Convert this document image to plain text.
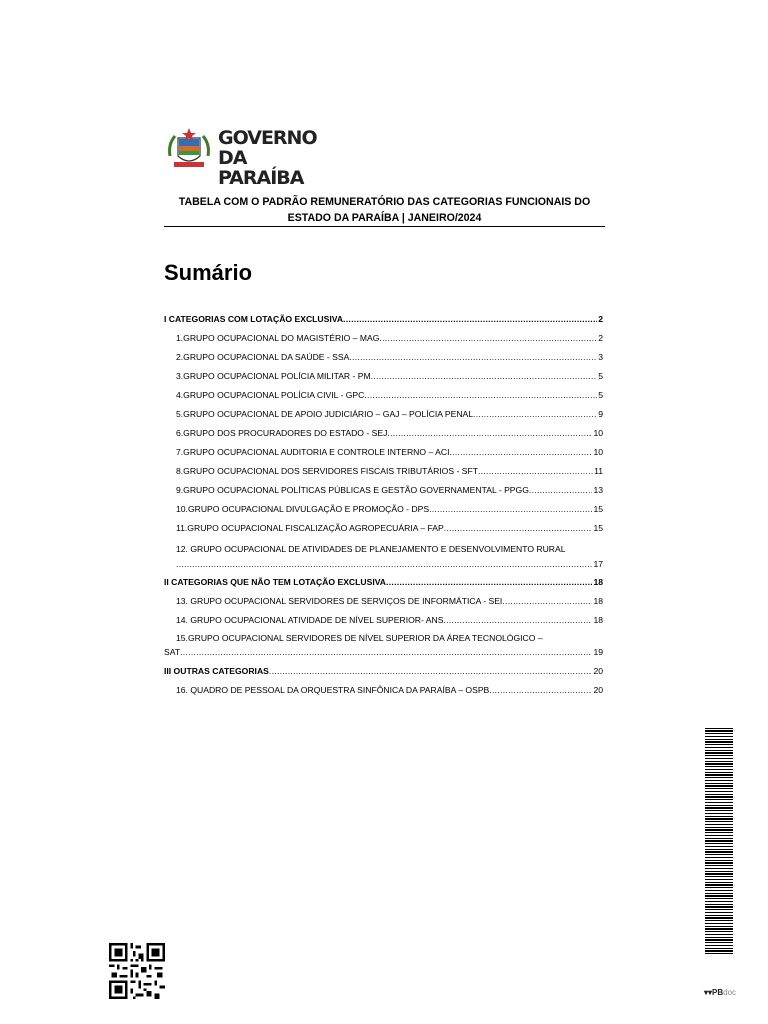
GOVERNO
DA PARAÍBA
TABELA COM O PADRÃO REMUNERATÓRIO DAS CATEGORIAS FUNCIONAIS DO
ESTADO DA PARAÍBA | JANEIRO/2024
Sumário
I CATEGORIAS COM LOTAÇÃO EXCLUSIVA .....	2
1.GRUPO OCUPACIONAL DO MAGISTÉRIO – MAG .....	2
2.GRUPO OCUPACIONAL DA SAÚDE - SSA .....	3
3.GRUPO OCUPACIONAL POLÍCIA MILITAR - PM .....	5
4.GRUPO OCUPACIONAL POLÍCIA CIVIL - GPC .....	5
5.GRUPO OCUPACIONAL DE APOIO JUDICIÁRIO – GAJ – POLÍCIA PENAL .....	9
6.GRUPO DOS PROCURADORES DO ESTADO - SEJ .....	10
7.GRUPO OCUPACIONAL AUDITORIA E CONTROLE INTERNO – ACI .....	10
8.GRUPO OCUPACIONAL DOS SERVIDORES FISCAIS TRIBUTÁRIOS - SFT .....	11
9.GRUPO OCUPACIONAL POLÍTICAS PÚBLICAS E GESTÃO GOVERNAMENTAL - PPGG .....	13
10.GRUPO OCUPACIONAL DIVULGAÇÃO E PROMOÇÃO - DPS .....	15
11.GRUPO OCUPACIONAL FISCALIZAÇÃO AGROPECUÁRIA – FAP .....	15
12. GRUPO OCUPACIONAL DE ATIVIDADES DE PLANEJAMENTO E DESENVOLVIMENTO RURAL
.....
17
II CATEGORIAS QUE NÃO TEM LOTAÇÃO EXCLUSIVA .....	18
13. GRUPO OCUPACIONAL SERVIDORES DE SERVIÇOS DE INFORMÁTICA - SEI .....	18
14. GRUPO OCUPACIONAL ATIVIDADE DE NÍVEL SUPERIOR- ANS .....	18
15.GRUPO OCUPACIONAL SERVIDORES DE NÍVEL SUPERIOR DA ÁREA TECNOLÓGICO –
SAT .....	19
III OUTRAS CATEGORIAS .....	20
16. QUADRO DE PESSOAL DA ORQUESTRA SINFÔNICA DA PARAÍBA – OSPB .....	20
▾▾PBdoc
